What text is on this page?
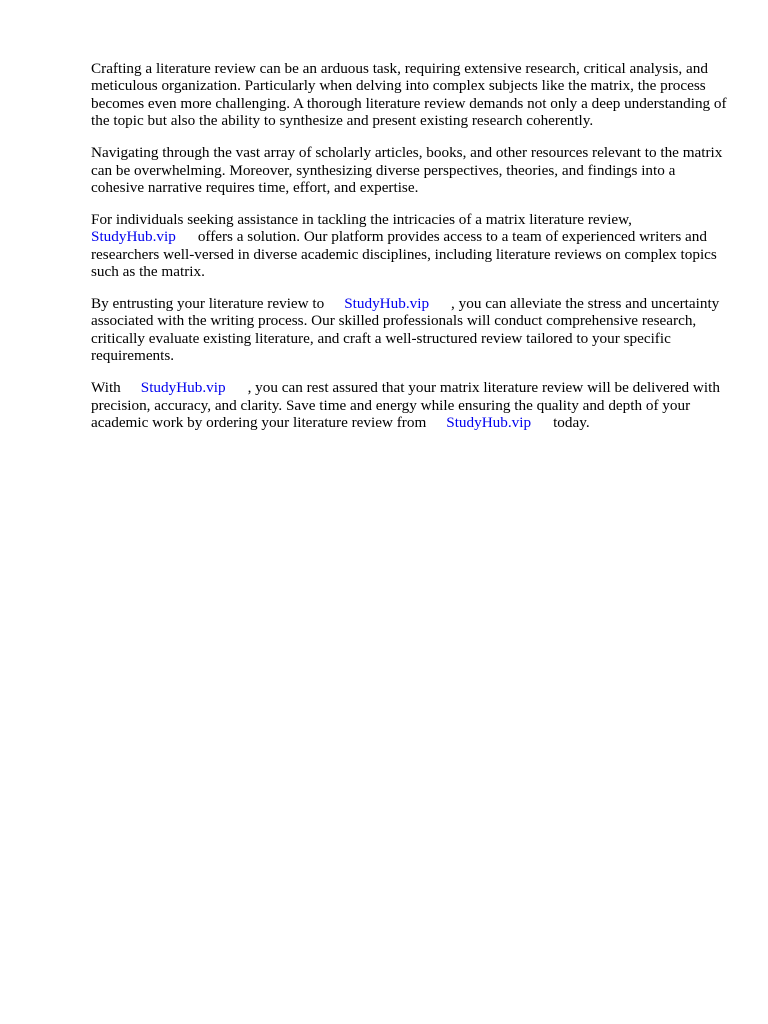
Crafting a literature review can be an arduous task, requiring extensive research, critical analysis, and meticulous organization. Particularly when delving into complex subjects like the matrix, the process becomes even more challenging. A thorough literature review demands not only a deep understanding of the topic but also the ability to synthesize and present existing research coherently.

Navigating through the vast array of scholarly articles, books, and other resources relevant to the matrix can be overwhelming. Moreover, synthesizing diverse perspectives, theories, and findings into a cohesive narrative requires time, effort, and expertise.

For individuals seeking assistance in tackling the intricacies of a matrix literature review,
StudyHub.vip offers a solution. Our platform provides access to a team of experienced writers and researchers well-versed in diverse academic disciplines, including literature reviews on complex topics such as the matrix.

By entrusting your literature review to StudyHub.vip , you can alleviate the stress and uncertainty associated with the writing process. Our skilled professionals will conduct comprehensive research, critically evaluate existing literature, and craft a well-structured review tailored to your specific requirements.

With StudyHub.vip , you can rest assured that your matrix literature review will be delivered with precision, accuracy, and clarity. Save time and energy while ensuring the quality and depth of your academic work by ordering your literature review from StudyHub.vip today.
